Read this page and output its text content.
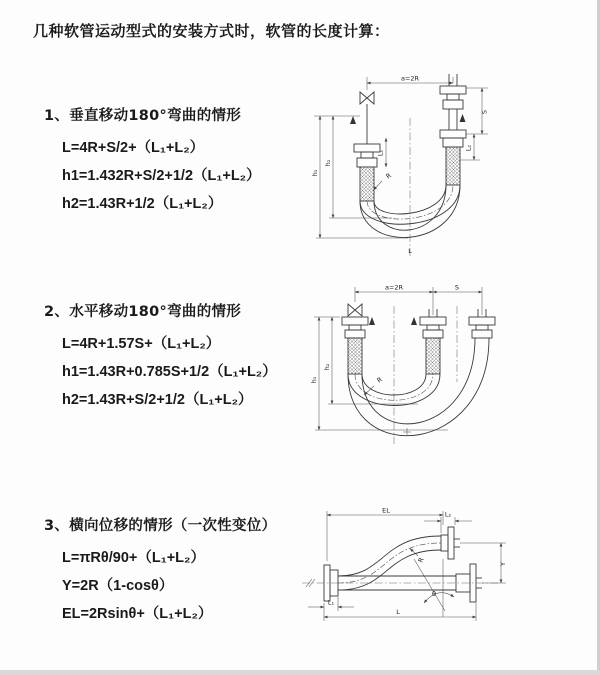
几种软管运动型式的安装方式时，软管的长度计算：
1、垂直移动180°弯曲的情形
L=4R+S/2+（L₁+L₂）
h1=1.432R+S/2+1/2（L₁+L₂）
h2=1.43R+1/2（L₁+L₂）
2、水平移动180°弯曲的情形
L=4R+1.57S+（L₁+L₂）
h1=1.43R+0.785S+1/2（L₁+L₂）
h2=1.43R+S/2+1/2（L₁+L₂）
3、横向位移的情形（一次性变位）
L=πRθ/90+（L₁+L₂）
Y=2R（1-cosθ）
EL=2Rsinθ+（L₁+L₂）
a=2R
h₁
h₂
L₁
S
L₂
R
L
a=2R	S
h₁
h₂
R
EL	L₂
Y
L
L₁
R
θ
